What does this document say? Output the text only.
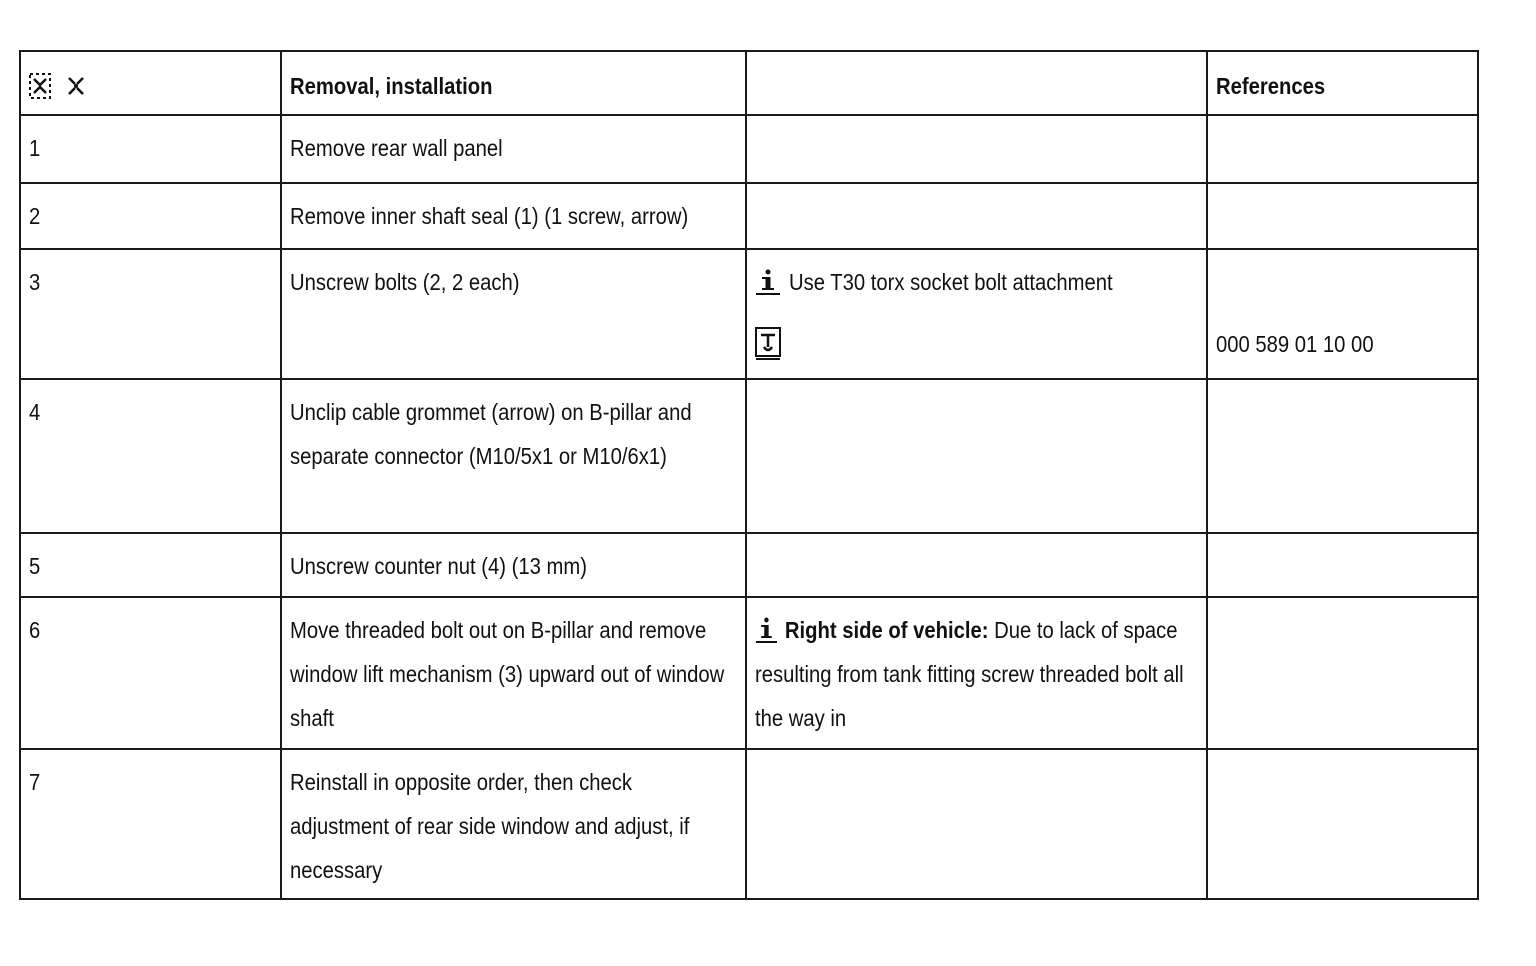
	Removal, installation		References
1	Remove rear wall panel		
2	Remove inner shaft seal (1) (1 screw, arrow)		
3	Unscrew bolts (2, 2 each)	Use T30 torx socket bolt attachment	000 589 01 10 00
4	Unclip cable grommet (arrow) on B-pillar and separate connector (M10/5x1 or M10/6x1)		

5	Unscrew counter nut (4) (13 mm)		
6	Move threaded bolt out on B-pillar and remove window lift mechanism (3) upward out of window shaft	Right side of vehicle: Due to lack of space resulting from tank fitting screw threaded bolt all the way in	

7	Reinstall in opposite order, then check adjustment of rear side window and adjust, if necessary		
